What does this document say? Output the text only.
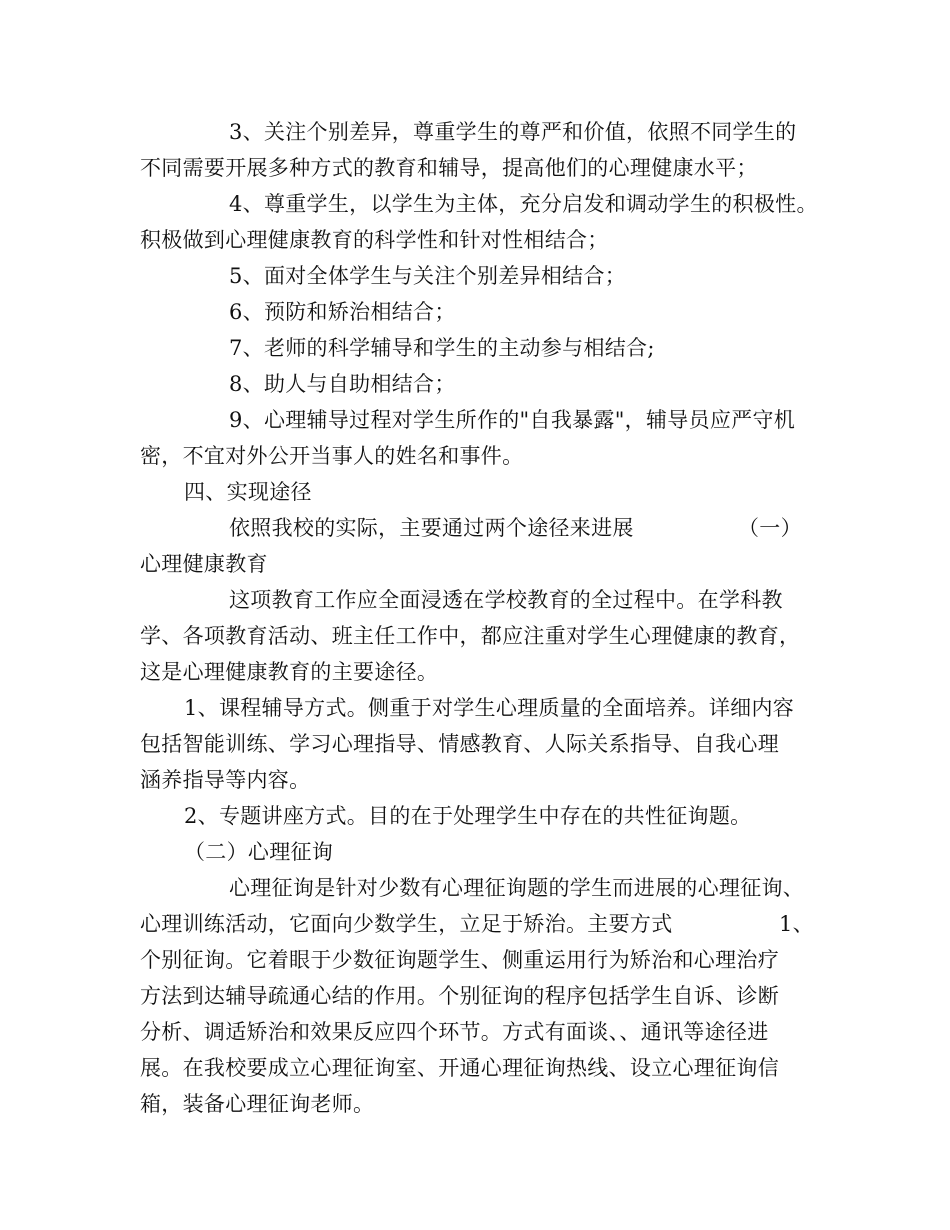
3、关注个别差异，尊重学生的尊严和价值，依照不同学生的
不同需要开展多种方式的教育和辅导，提高他们的心理健康水平；
4、尊重学生，以学生为主体，充分启发和调动学生的积极性。
积极做到心理健康教育的科学性和针对性相结合；
5、面对全体学生与关注个别差异相结合；
6、预防和矫治相结合；
7、老师的科学辅导和学生的主动参与相结合;
8、助人与自助相结合；
9、心理辅导过程对学生所作的"自我暴露"，辅导员应严守机
密，不宜对外公开当事人的姓名和事件。
四、实现途径
依照我校的实际，主要通过两个途径来进展	（一）
心理健康教育
这项教育工作应全面浸透在学校教育的全过程中。在学科教
学、各项教育活动、班主任工作中，都应注重对学生心理健康的教育，
这是心理健康教育的主要途径。
1、课程辅导方式。侧重于对学生心理质量的全面培养。详细内容
包括智能训练、学习心理指导、情感教育、人际关系指导、自我心理
涵养指导等内容。
2、专题讲座方式。目的在于处理学生中存在的共性征询题。
（二）心理征询
心理征询是针对少数有心理征询题的学生而进展的心理征询、
心理训练活动，它面向少数学生，立足于矫治。主要方式	1、
个别征询。它着眼于少数征询题学生、侧重运用行为矫治和心理治疗
方法到达辅导疏通心结的作用。个别征询的程序包括学生自诉、诊断
分析、调适矫治和效果反应四个环节。方式有面谈、、通讯等途径进
展。在我校要成立心理征询室、开通心理征询热线、设立心理征询信
箱，装备心理征询老师。
